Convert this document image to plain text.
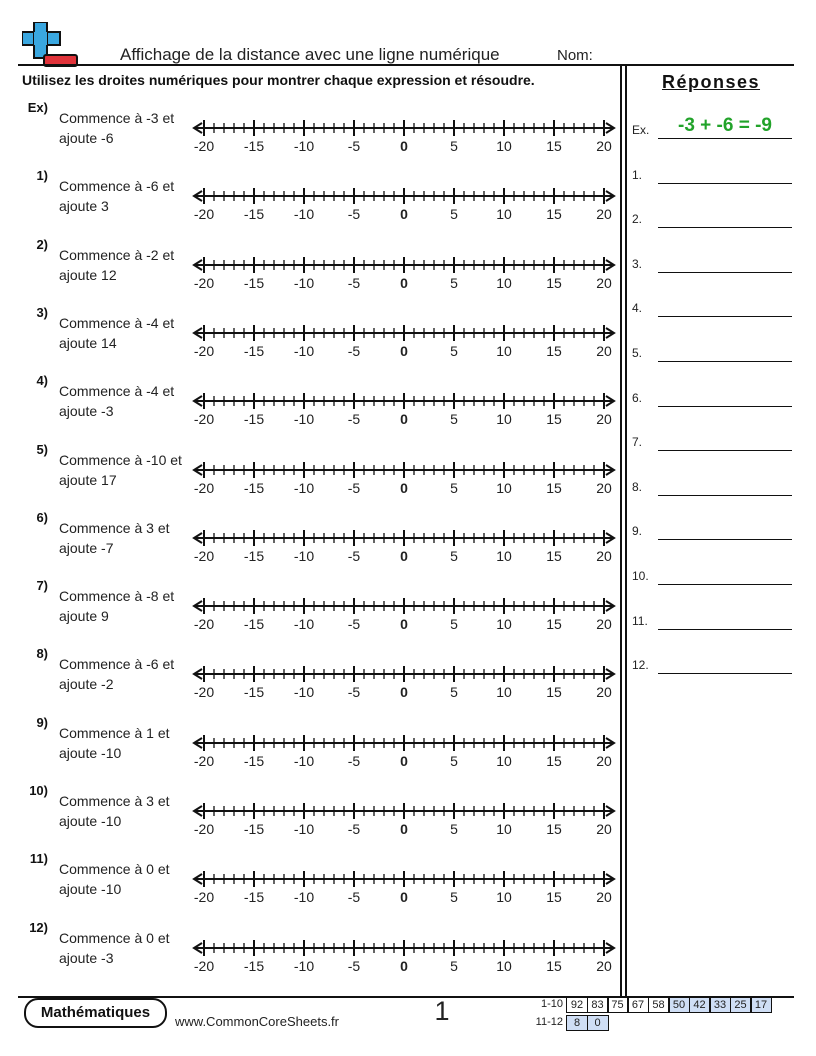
Affichage de la distance avec une ligne numérique	Nom:
Utilisez les droites numériques pour montrer chaque expression et résoudre.	Réponses
Ex)
Commence à -3 et ajoute -6	-20 -15 -10 -5	0	5	10 15 20
1)
Commence à -6 et ajoute 3	-20 -15 -10 -5	0	5	10 15 20
2)
Commence à -2 et ajoute 12	-20 -15 -10 -5	0	5	10 15 20
3)
Commence à -4 et ajoute 14	-20 -15 -10 -5	0	5	10 15 20
4)
Commence à -4 et ajoute -3	-20 -15 -10 -5	0	5	10 15 20
5)
Commence à -10 et ajoute 17	-20 -15 -10 -5	0	5	10 15 20
6)
Commence à 3 et ajoute -7	-20 -15 -10 -5	0	5	10 15 20
7)
Commence à -8 et ajoute 9	-20 -15 -10 -5	0	5	10 15 20
8)
Commence à -6 et ajoute -2	-20 -15 -10 -5	0	5	10 15 20
9)
Commence à 1 et ajoute -10	-20 -15 -10 -5	0	5	10 15 20
10)
Commence à 3 et ajoute -10	-20 -15 -10 -5	0	5	10 15 20
11)
Commence à 0 et ajoute -10	-20 -15 -10 -5	0	5	10 15 20
12)
Commence à 0 et ajoute -3	-20 -15 -10 -5	0	5	10 15 20
Ex.	-3 + -6 = -9
1.
2.
3.
4.
5.
6.
7.
8.
9.
10.
11.
12.
Mathématiques
www.CommonCoreSheets.fr	1	1-10 92 83 75 67 58 50 42 33 25 17
11-12 8	0
